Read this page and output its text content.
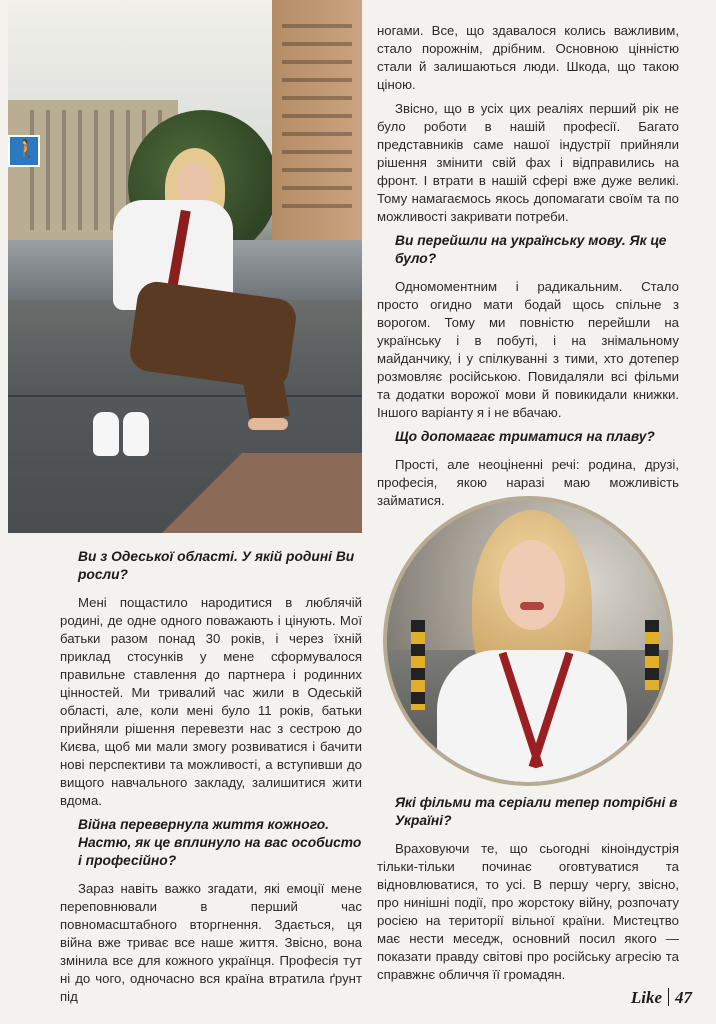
🚶

ногами. Все, що здавалося колись важливим, стало порожнім, дрібним. Основною цінністю стали й залишаються люди. Шкода, що такою ціною.

Звісно, що в усіх цих реаліях перший рік не було роботи в нашій професії. Багато представників саме нашої індустрії прийняли рішення змінити свій фах і відправились на фронт. І втрати в нашій сфері вже дуже великі. Тому намагаємось якось допомагати своїм та по можливості закривати потреби.

Ви перейшли на українську мову. Як це було?

Одномоментним і радикальним. Стало просто огидно мати бодай щось спільне з ворогом. Тому ми повністю перейшли на українську і в побуті, і на знімальному майданчику, і у спілкуванні з тими, хто дотепер розмовляє російською. Повидаляли всі фільми та додатки ворожої мови й повикидали книжки. Іншого варіанту я і не вбачаю.

Що допомагає триматися на плаву?

Прості, але неоціненні речі: родина, друзі, професія, якою наразі маю можливість займатися.

Ви з Одеської області. У якій родині Ви росли?

Мені пощастило народитися в люблячій родині, де одне одного поважають і цінують. Мої батьки разом понад 30 років, і через їхній приклад стосунків у мене сформувалося правильне ставлення до партнера і родинних цінностей. Ми тривалий час жили в Одеській області, але, коли мені було 11 років, батьки прийняли рішення перевезти нас з сестрою до Києва, щоб ми мали змогу розвиватися і бачити нові перспективи та можливості, а вступивши до вищого навчального закладу, залишитися жити вдома.

Війна перевернула життя кожного. Настю, як це вплинуло на вас особисто і професійно?

Зараз навіть важко згадати, які емоції мене переповнювали в перший час повномасштабного вторгнення. Здається, ця війна вже триває все наше життя. Звісно, вона змінила все для кожного українця. Професія тут ні до чого, одночасно вся країна втратила ґрунт під

Які фільми та серіали тепер потрібні в Україні?

Враховуючи те, що сьогодні кіноіндустрія тільки-тільки починає оговтуватися та відновлюватися, то усі. В першу чергу, звісно, про нинішні події, про жорстоку війну, розпочату росією на території вільної країни. Мистецтво має нести меседж, основний посил якого — показати правду світові про російську агресію та справжнє обличчя її громадян.

Like 47
